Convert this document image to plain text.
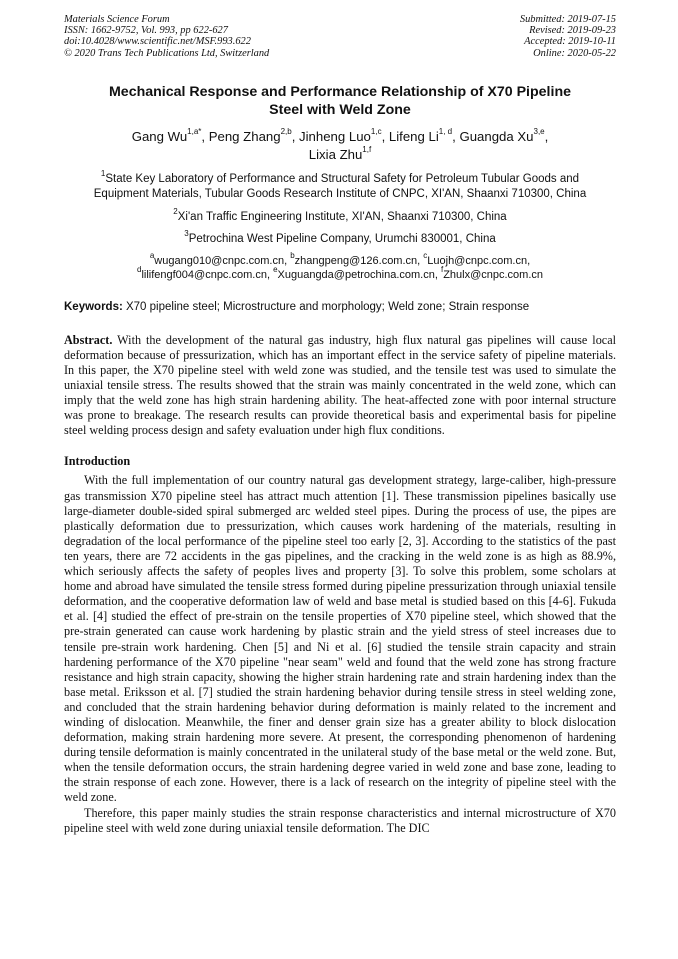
Materials Science Forum
ISSN: 1662-9752, Vol. 993, pp 622-627
doi:10.4028/www.scientific.net/MSF.993.622
© 2020 Trans Tech Publications Ltd, Switzerland
Submitted: 2019-07-15
Revised: 2019-09-23
Accepted: 2019-10-11
Online: 2020-05-22
Mechanical Response and Performance Relationship of X70 Pipeline
Steel with Weld Zone
Gang $Wu^{1,a*}$, Peng Zhang$^{2,b}$, Jinheng Luo$^{1,c}$, Lifeng Li$^{1, d}$, Guangda Xu$^{3,e}$,
Lixia Zhu$^{1,f}$
$^1$State Key Laboratory of Performance and Structural Safety for Petroleum Tubular Goods and
Equipment Materials, Tubular Goods Research Institute of CNPC, XI'AN, Shaanxi 710300, China
$^2$Xi'an Traffic Engineering Institute, XI'AN, Shaanxi 710300, China
$^3$Petrochina West Pipeline Company, Urumchi 830001, China
$^a$wugang010@cnpc.com.cn, $^b$zhangpeng@126.com.cn, $^c$Luojh@cnpc.com.cn,
$^d$lilifengf004@cnpc.com.cn, $^e$Xuguangda@petrochina.com.cn, $^f$Zhulx@cnpc.com.cn
Keywords: X70 pipeline steel; Microstructure and morphology; Weld zone; Strain response
Abstract. With the development of the natural gas industry, high flux natural gas pipelines will cause local deformation because of pressurization, which has an important effect in the service safety of pipeline materials. In this paper, the X70 pipeline steel with weld zone was studied, and the tensile test was used to simulate the uniaxial tensile stress. The results showed that the strain was mainly concentrated in the weld zone, which can imply that the weld zone has high strain hardening ability. The heat-affected zone with poor internal structure was prone to breakage. The research results can provide theoretical basis and experimental basis for pipeline steel welding process design and safety evaluation under high flux conditions.
Introduction

With the full implementation of our country natural gas development strategy, large-caliber, high-pressure gas transmission X70 pipeline steel has attract much attention [1]. These transmission pipelines basically use large-diameter double-sided spiral submerged arc welded steel pipes. During the process of use, the pipes are plastically deformation due to pressurization, which causes work hardening of the materials, resulting in degradation of the local performance of the pipeline steel too early [2, 3]. According to the statistics of the past ten years, there are 72 accidents in the gas pipelines, and the cracking in the weld zone is as high as 88.9%, which seriously affects the safety of peoples lives and property [3]. To solve this problem, some scholars at home and abroad have simulated the tensile stress formed during pipeline pressurization through uniaxial tensile deformation, and the cooperative deformation law of weld and base metal is studied based on this [4-6]. Fukuda et al. [4] studied the effect of pre-strain on the tensile properties of X70 pipeline steel, which showed that the pre-strain generated can cause work hardening by plastic strain and the yield stress of steel increases due to tensile pre-strain work hardening. Chen [5] and Ni et al. [6] studied the tensile strain capacity and strain hardening performance of the X70 pipeline "near seam" weld and found that the weld zone has strong fracture resistance and high strain capacity, showing the higher strain hardening rate and strain hardening index than the base metal. Eriksson et al. [7] studied the strain hardening behavior during tensile stress in steel welding zone, and concluded that the strain hardening behavior during deformation is mainly related to the increment and winding of dislocation. Meanwhile, the finer and denser grain size has a greater ability to block dislocation deformation, making strain hardening more severe. At present, the corresponding phenomenon of hardening during tensile deformation is mainly concentrated in the unilateral study of the base metal or the weld zone. But, when the tensile deformation occurs, the strain hardening degree varied in weld zone and base zone, leading to the strain response of each zone. However, there is a lack of research on the integrity of pipeline steel with the weld zone.

Therefore, this paper mainly studies the strain response characteristics and internal microstructure of X70 pipeline steel with weld zone during uniaxial tensile deformation. The DIC
